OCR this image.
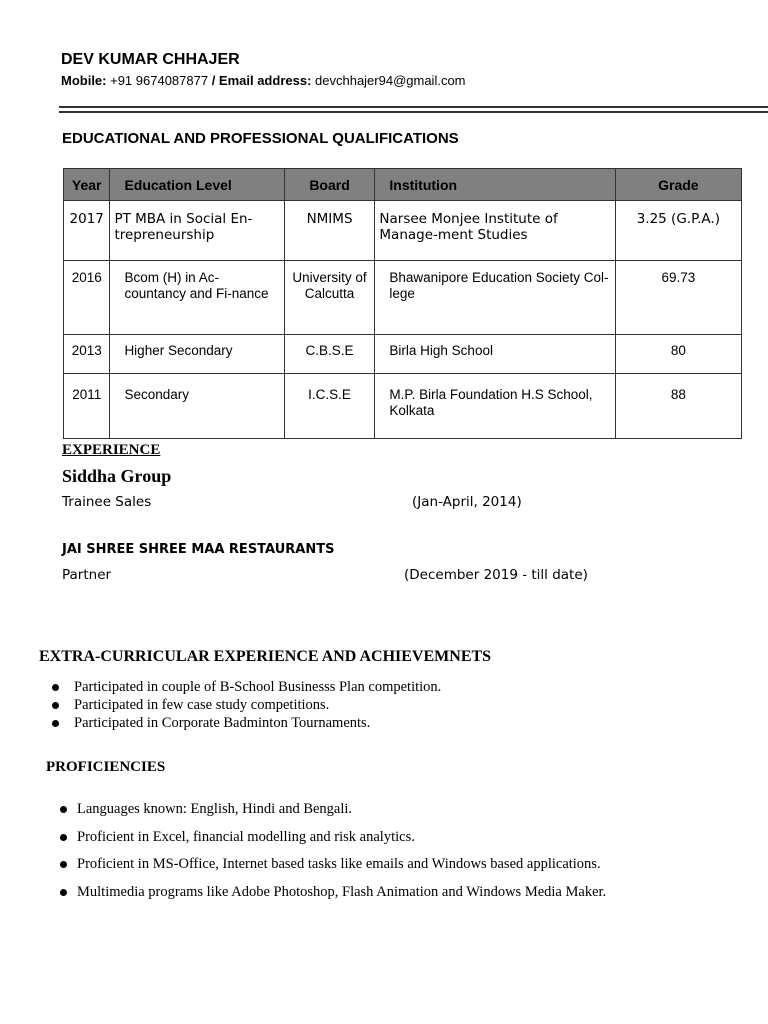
DEV KUMAR CHHAJER
Mobile: +91 9674087877 / Email address: devchhajer94@gmail.com
EDUCATIONAL AND PROFESSIONAL QUALIFICATIONS
Year	Education Level	Board	Institution	Grade
2017	PT MBA in Social En-trepreneurship	NMIMS	Narsee Monjee Institute of Manage-ment Studies	3.25 (G.P.A.)
2016	Bcom (H) in Ac-countancy and Fi-nance	University of Calcutta	Bhawanipore Education Society Col-lege	69.73
2013	Higher Secondary	C.B.S.E	Birla High School	80
2011	Secondary	I.C.S.E	M.P. Birla Foundation H.S School, Kolkata	88
EXPERIENCE
Siddha Group
Trainee Sales	(Jan-April, 2014)
JAI SHREE SHREE MAA RESTAURANTS
Partner	(December 2019 - till date)
EXTRA-CURRICULAR EXPERIENCE AND ACHIEVEMNETS
Participated in couple of B-School Businesss Plan competition.
Participated in few case study competitions.
Participated in Corporate Badminton Tournaments.
PROFICIENCIES
Languages known: English, Hindi and Bengali.
Proficient in Excel, financial modelling and risk analytics.
Proficient in MS-Office, Internet based tasks like emails and Windows based applications.
Multimedia programs like Adobe Photoshop, Flash Animation and Windows Media Maker.
